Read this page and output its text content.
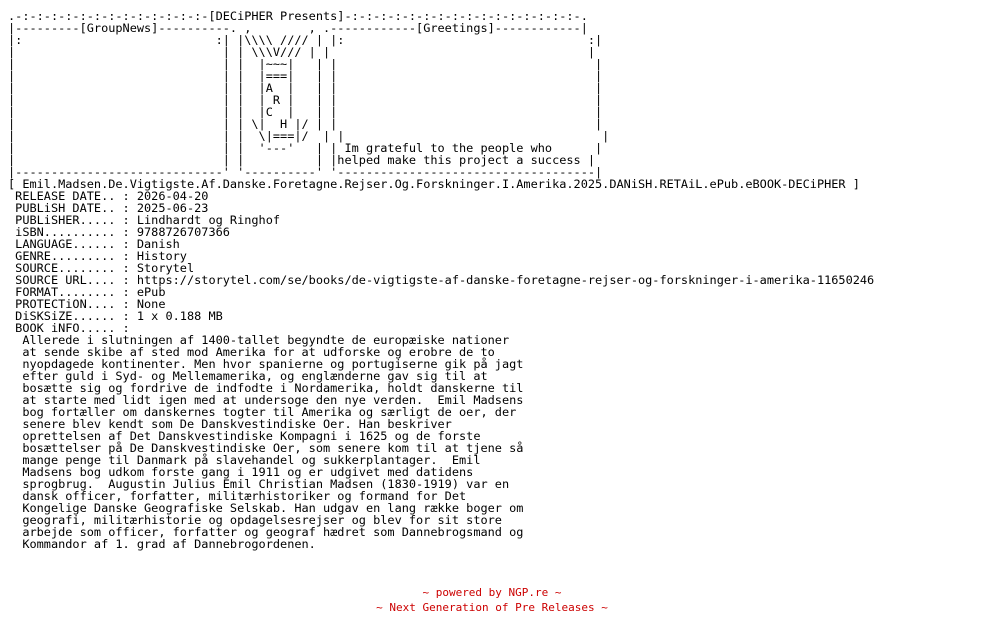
.-:-:-:-:-:-:-:-:-:-:-:-:-:-[DECiPHER Presents]-:-:-:-:-:-:-:-:-:-:-:-:-:-:-:-:-.
|---------[GroupNews]----------. ,        , .------------[Greetings]------------|
|:                           :| |\\\\ //// | |:                                  :|
|                             | | \\\V/// | |                                    |
|                             | |  |~~~|   | |                                    |
|                             | |  |===|   | |                                    |
|                             | |  |A  |   | |                                    |
|                             | |  | R |   | |                                    |
|                             | |  |C  |   | |                                    |
|                             | | \|  H |/ | |                                    |
|                             | |  \|===|/  | |                                    |
|                             | |  '---'   | | Im grateful to the people who      |
|                             | |          | |helped make this project a success |
|-----------------------------' '----------' '------------------------------------|
[ Emil.Madsen.De.Vigtigste.Af.Danske.Foretagne.Rejser.Og.Forskninger.I.Amerika.2025.DANiSH.RETAiL.ePub.eBOOK-DECiPHER ]
RELEASE DATE.. : 2026-04-20
PUBLiSH DATE.. : 2025-06-23
PUBLiSHER..... : Lindhardt og Ringhof
iSBN.......... : 9788726707366
LANGUAGE...... : Danish
GENRE......... : History
SOURCE........ : Storytel
SOURCE URL.... : https://storytel.com/se/books/de-vigtigste-af-danske-foretagne-rejser-og-forskninger-i-amerika-11650246
FORMAT........ : ePub
PROTECTiON.... : None
DiSKSiZE...... : 1 x 0.188 MB
BOOK iNFO..... :
Allerede i slutningen af 1400-tallet begyndte de europæiske nationer
at sende skibe af sted mod Amerika for at udforske og erobre de to
nyopdagede kontinenter. Men hvor spanierne og portugiserne gik på jagt
efter guld i Syd- og Mellemamerika, og englænderne gav sig til at
bosætte sig og fordrive de indfodte i Nordamerika, holdt danskerne til
at starte med lidt igen med at undersoge den nye verden.  Emil Madsens
bog fortæller om danskernes togter til Amerika og særligt de oer, der
senere blev kendt som De Danskvestindiske Oer. Han beskriver
oprettelsen af Det Danskvestindiske Kompagni i 1625 og de forste
bosættelser på De Danskvestindiske Oer, som senere kom til at tjene så
mange penge til Danmark på slavehandel og sukkerplantager.  Emil
Madsens bog udkom forste gang i 1911 og er udgivet med datidens
sprogbrug.  Augustin Julius Emil Christian Madsen (1830-1919) var en
dansk officer, forfatter, militærhistoriker og formand for Det
Kongelige Danske Geografiske Selskab. Han udgav en lang række boger om
geografi, militærhistorie og opdagelsesrejser og blev for sit store
arbejde som officer, forfatter og geograf hædret som Dannebrogsmand og
Kommandor af 1. grad af Dannebrogordenen.

~ powered by NGP.re ~
~ Next Generation of Pre Releases ~
